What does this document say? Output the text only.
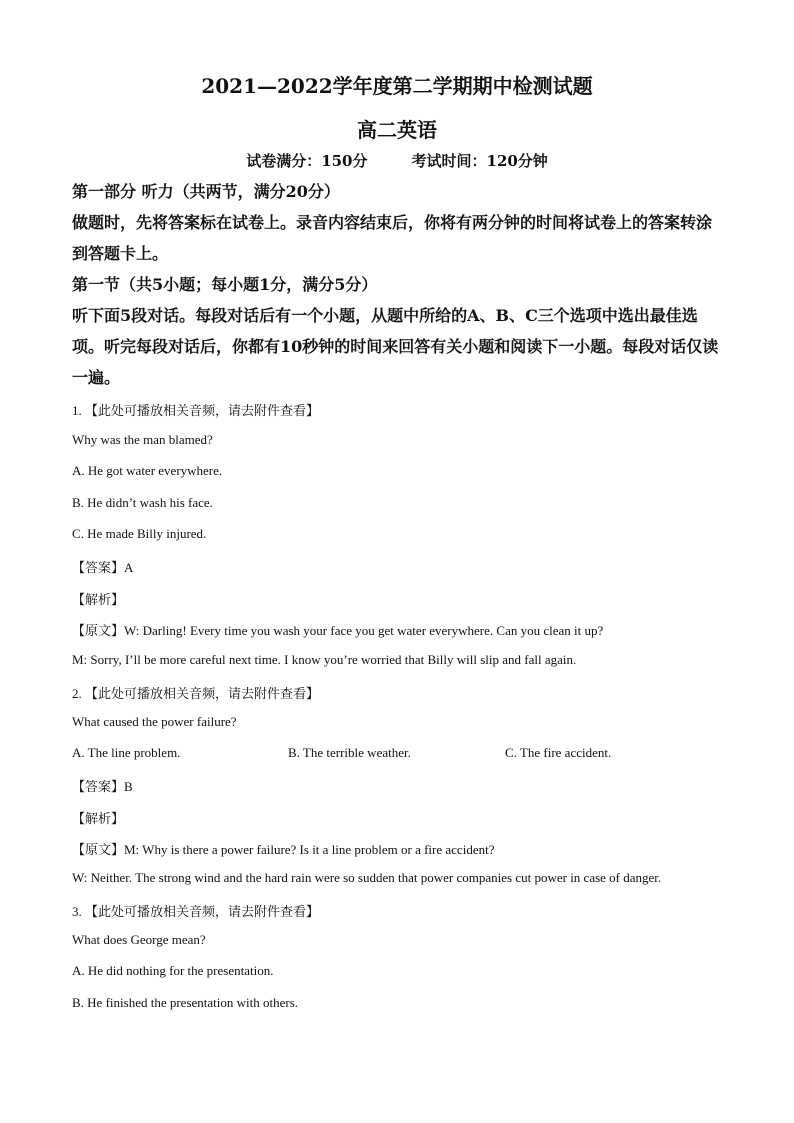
2021—2022学年度第二学期期中检测试题
高二英语
试卷满分：150分	考试时间：120分钟
第一部分 听力（共两节，满分20分）
做题时，先将答案标在试卷上。录音内容结束后，你将有两分钟的时间将试卷上的答案转涂到答题卡上。
第一节（共5小题；每小题1分，满分5分）
听下面5段对话。每段对话后有一个小题，从题中所给的A、B、C三个选项中选出最佳选项。听完每段对话后，你都有10秒钟的时间来回答有关小题和阅读下一小题。每段对话仅读一遍。
1. 【此处可播放相关音频，请去附件查看】
Why was the man blamed?
A. He got water everywhere.
B. He didn’t wash his face.
C. He made Billy injured.
【答案】A
【解析】
【原文】W: Darling! Every time you wash your face you get water everywhere. Can you clean it up?
M: Sorry, I’ll be more careful next time. I know you’re worried that Billy will slip and fall again.
2. 【此处可播放相关音频，请去附件查看】
What caused the power failure?
A. The line problem.	B. The terrible weather.	C. The fire accident.
【答案】B
【解析】
【原文】M: Why is there a power failure? Is it a line problem or a fire accident?
W: Neither. The strong wind and the hard rain were so sudden that power companies cut power in case of danger.
3. 【此处可播放相关音频，请去附件查看】
What does George mean?
A. He did nothing for the presentation.
B. He finished the presentation with others.
